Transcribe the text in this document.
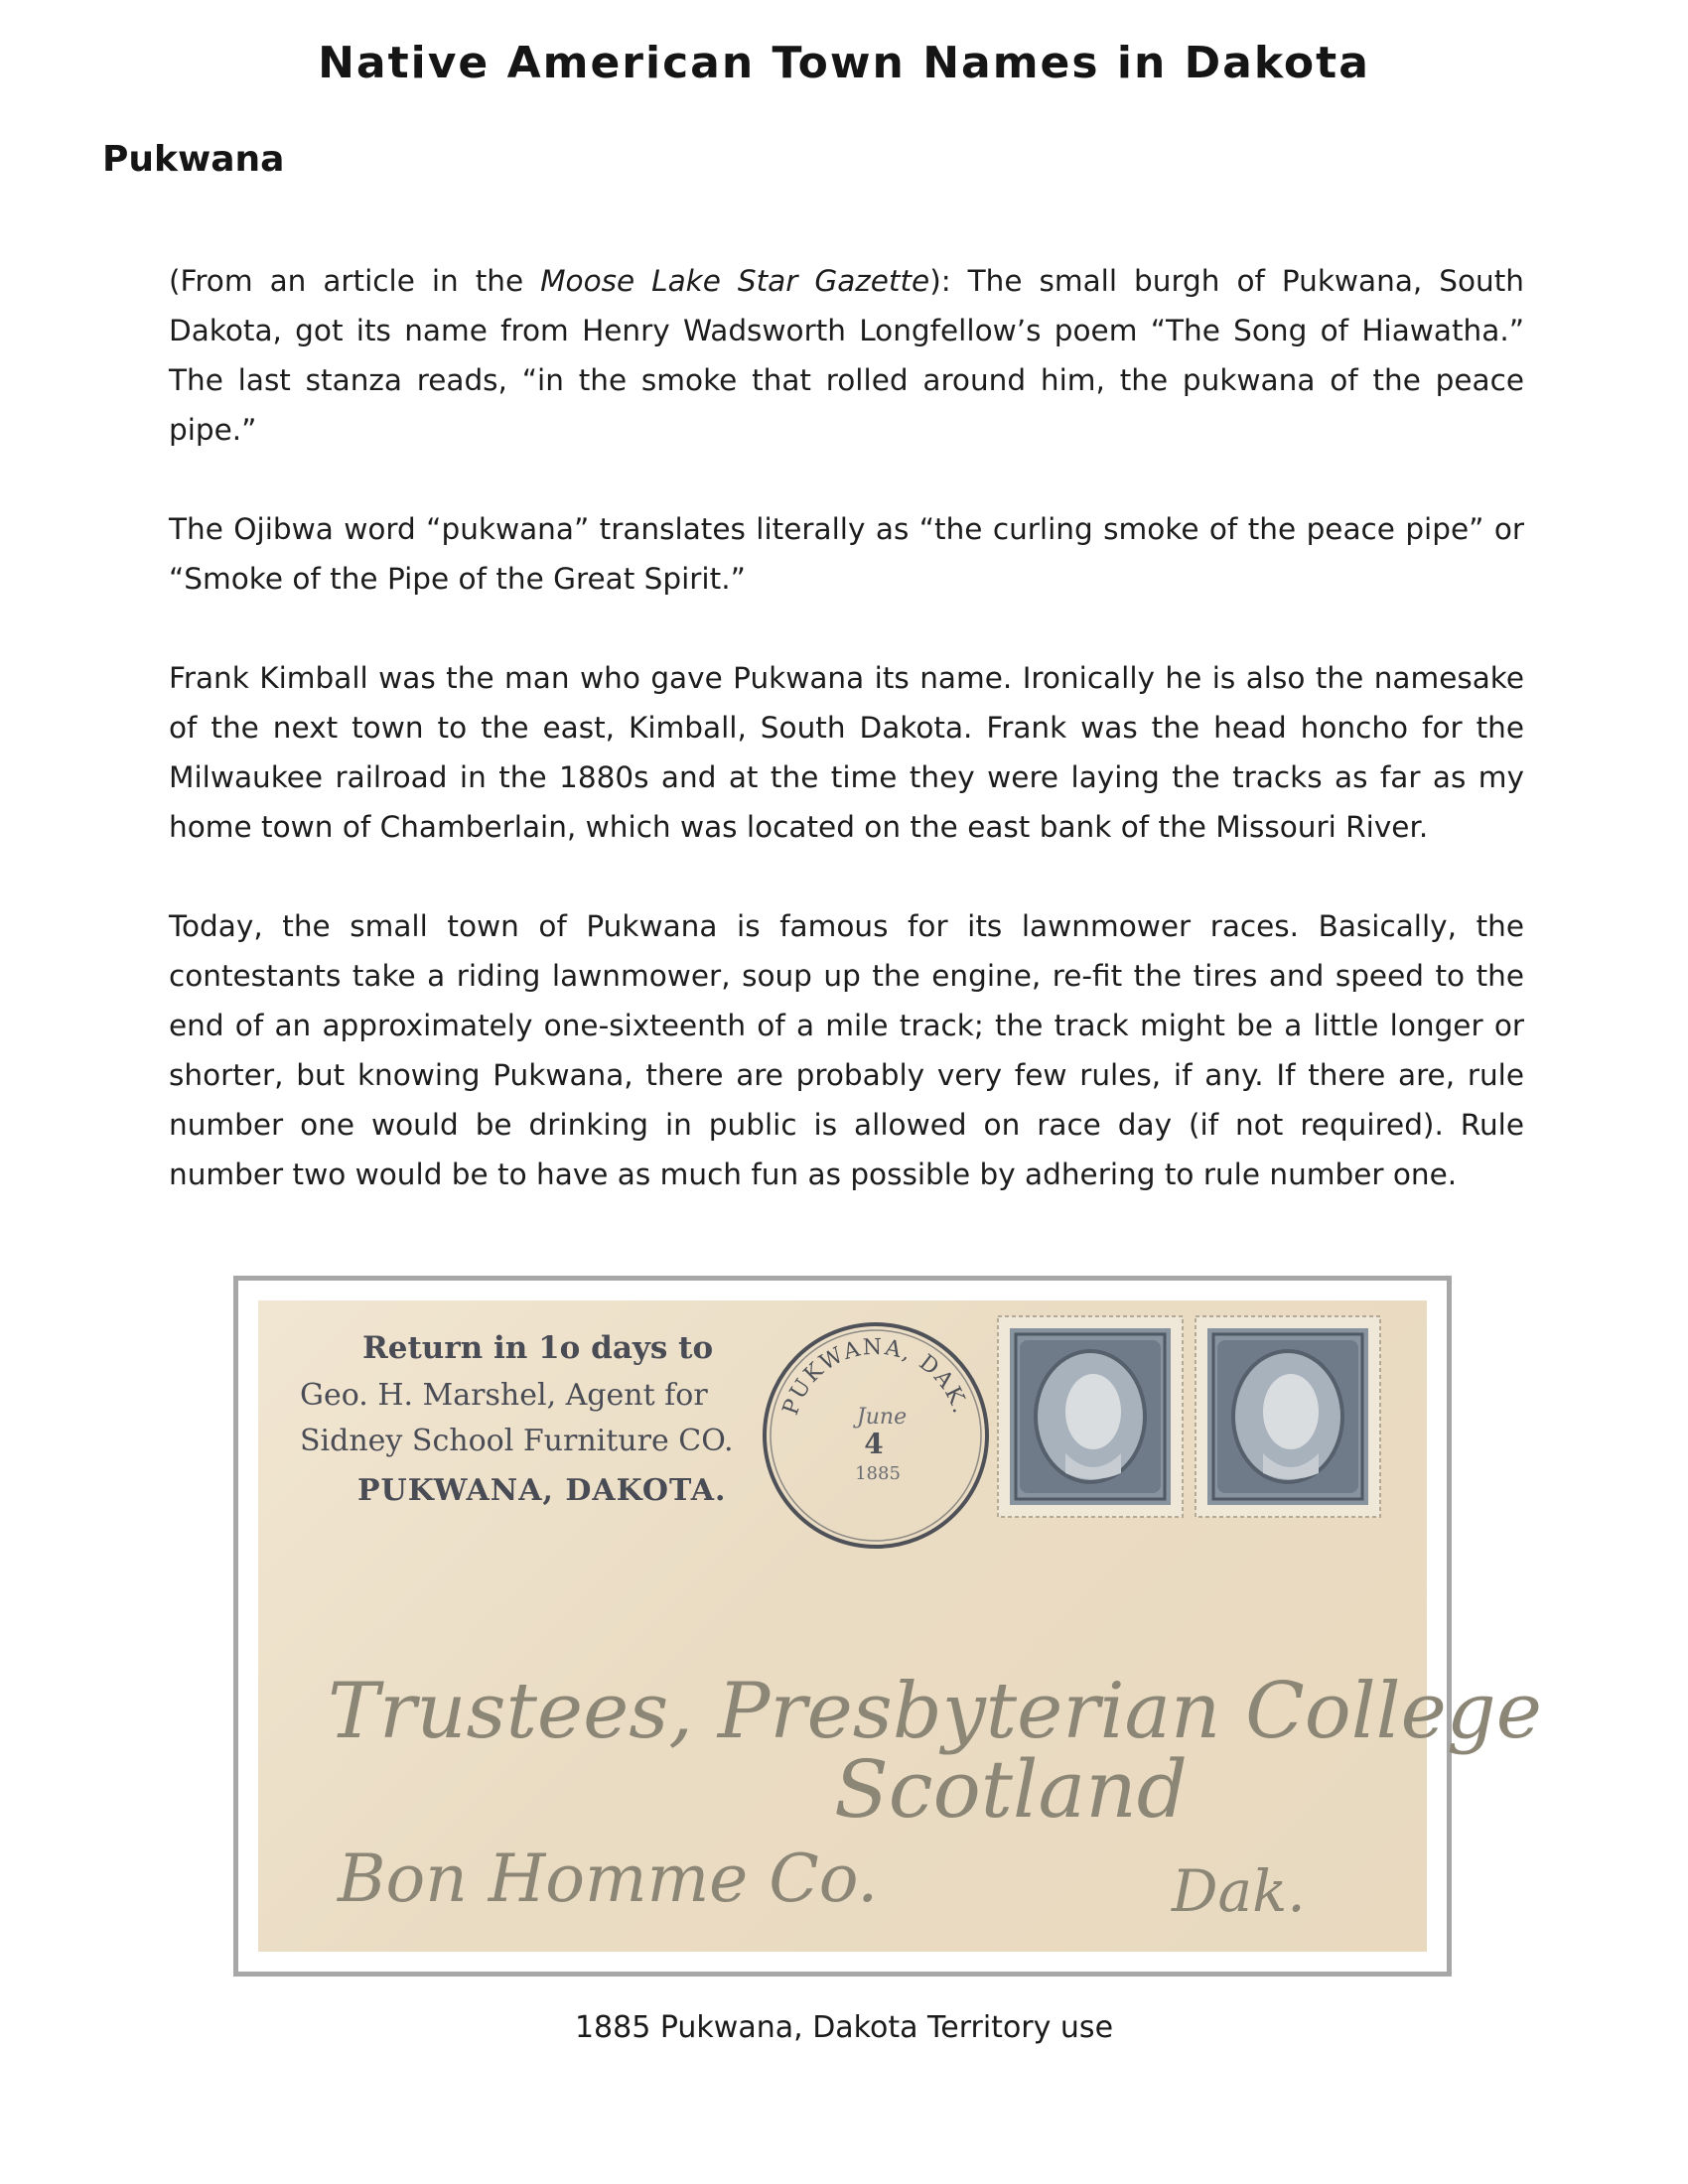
Native American Town Names in Dakota
Pukwana

(From an article in the Moose Lake Star Gazette): The small burgh of Pukwana, South Dakota, got its name from Henry Wadsworth Longfellow’s poem “The Song of Hiawatha.” The last stanza reads, “in the smoke that rolled around him, the pukwana of the peace pipe.”

The Ojibwa word “pukwana” translates literally as “the curling smoke of the peace pipe” or “Smoke of the Pipe of the Great Spirit.”

Frank Kimball was the man who gave Pukwana its name. Ironically he is also the namesake of the next town to the east, Kimball, South Dakota. Frank was the head honcho for the Milwaukee railroad in the 1880s and at the time they were laying the tracks as far as my home town of Chamberlain, which was located on the east bank of the Missouri River.

Today, the small town of Pukwana is famous for its lawnmower races. Basically, the contestants take a riding lawnmower, soup up the engine, re-fit the tires and speed to the end of an approximately one-sixteenth of a mile track; the track might be a little longer or shorter, but knowing Pukwana, there are probably very few rules, if any. If there are, rule number one would be drinking in public is allowed on race day (if not required). Rule number two would be to have as much fun as possible by adhering to rule number one.

Return in 1o days to
Geo. H. Marshel, Agent for
Sidney School Furniture CO.
PUKWANA, DAKOTA.
PUKWANA, DAK.
June
4
1885
Trustees, Presbyterian College
Scotland
Bon Homme Co.	Dak.
1885 Pukwana, Dakota Territory use
